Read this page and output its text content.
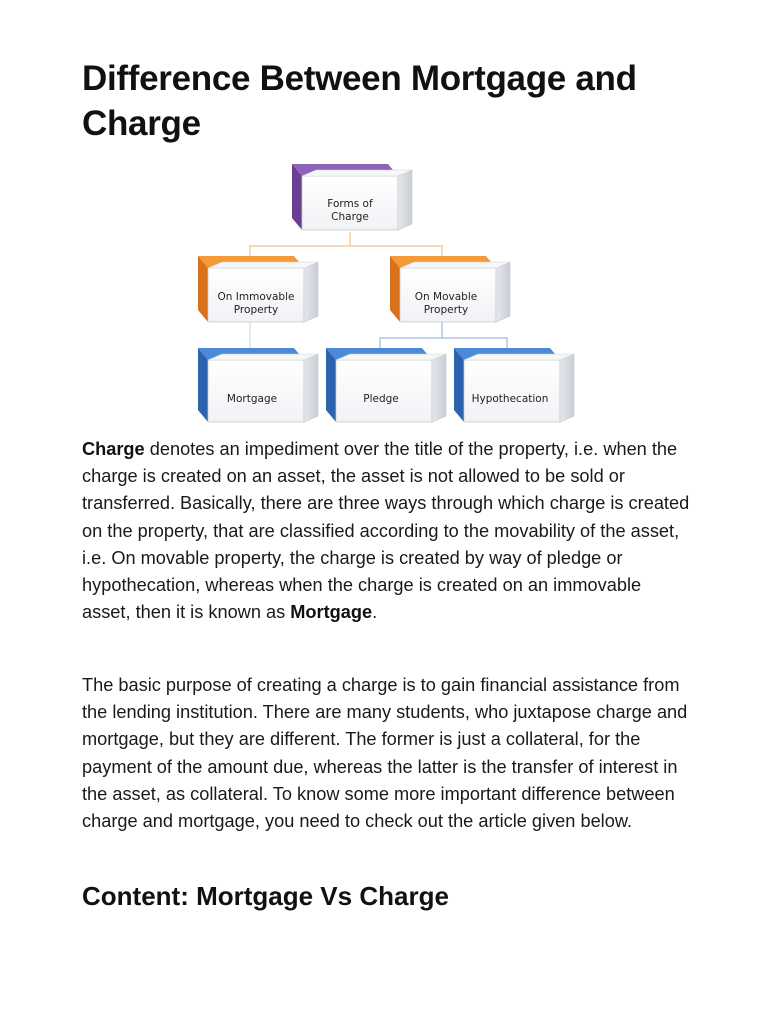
Difference Between Mortgage and Charge
Forms of
Charge
On Immovable
Property
On Movable
Property
Mortgage	Pledge	Hypothecation

Charge denotes an impediment over the title of the property, i.e. when the charge is created on an asset, the asset is not allowed to be sold or transferred. Basically, there are three ways through which charge is created on the property, that are classified according to the movability of the asset, i.e. On movable property, the charge is created by way of pledge or hypothecation, whereas when the charge is created on an immovable asset, then it is known as Mortgage.

The basic purpose of creating a charge is to gain financial assistance from the lending institution. There are many students, who juxtapose charge and mortgage, but they are different. The former is just a collateral, for the payment of the amount due, whereas the latter is the transfer of interest in the asset, as collateral. To know some more important difference between charge and mortgage, you need to check out the article given below.

Content: Mortgage Vs Charge
